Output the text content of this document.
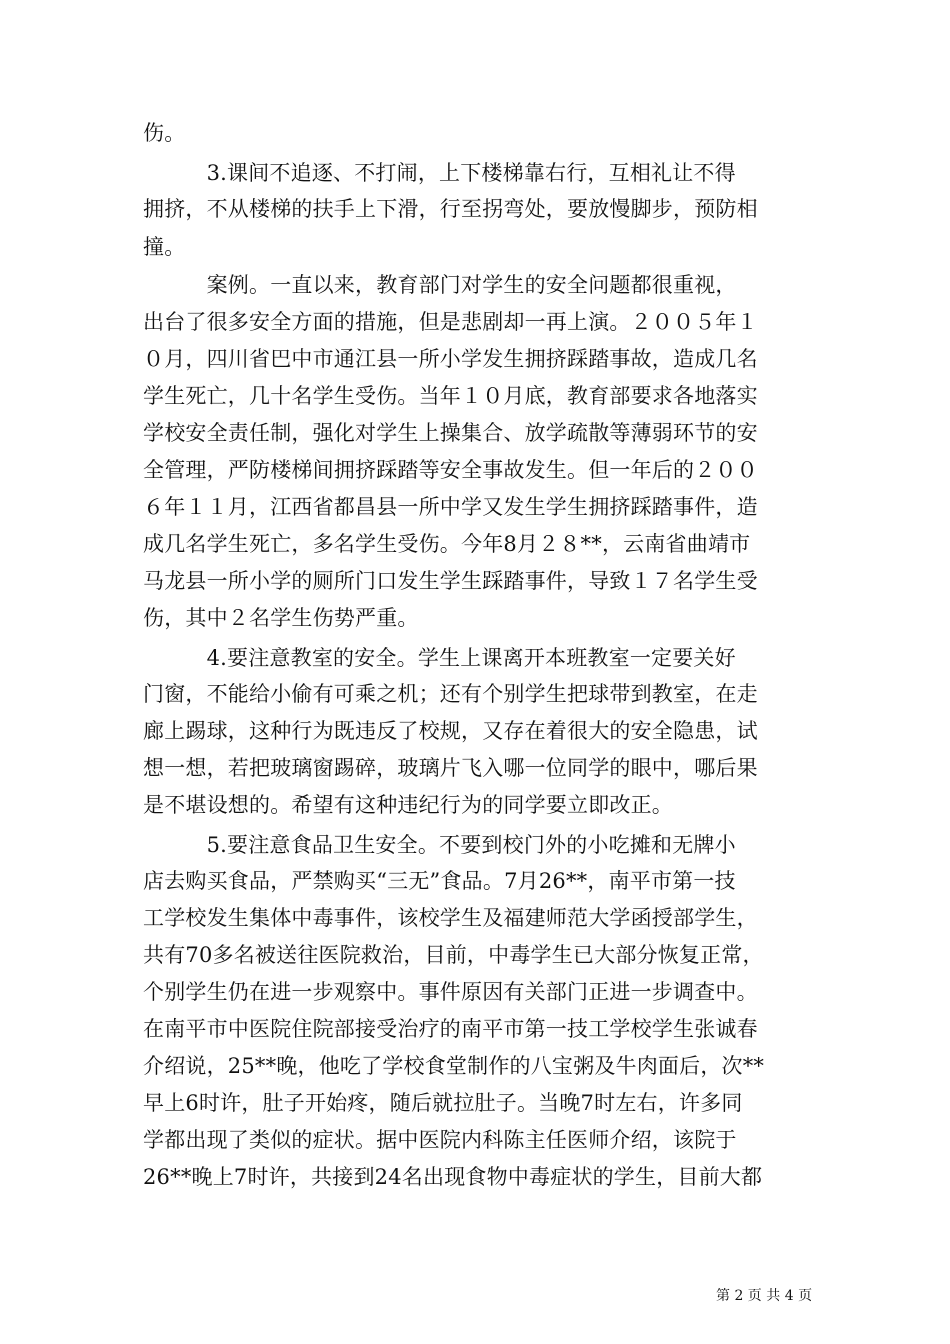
伤。
　　　3.课间不追逐、不打闹，上下楼梯靠右行，互相礼让不得
拥挤，不从楼梯的扶手上下滑，行至拐弯处，要放慢脚步，预防相
撞。
　　　案例。一直以来，教育部门对学生的安全问题都很重视，
出台了很多安全方面的措施，但是悲剧却一再上演。２００５年１
０月，四川省巴中市通江县一所小学发生拥挤踩踏事故，造成几名
学生死亡，几十名学生受伤。当年１０月底，教育部要求各地落实
学校安全责任制，强化对学生上操集合、放学疏散等薄弱环节的安
全管理，严防楼梯间拥挤踩踏等安全事故发生。但一年后的２００
６年１１月，江西省都昌县一所中学又发生学生拥挤踩踏事件，造
成几名学生死亡，多名学生受伤。今年8月２８**，云南省曲靖市
马龙县一所小学的厕所门口发生学生踩踏事件，导致１７名学生受
伤，其中２名学生伤势严重。
　　　4.要注意教室的安全。学生上课离开本班教室一定要关好
门窗，不能给小偷有可乘之机；还有个别学生把球带到教室，在走
廊上踢球，这种行为既违反了校规，又存在着很大的安全隐患，试
想一想，若把玻璃窗踢碎，玻璃片飞入哪一位同学的眼中，哪后果
是不堪设想的。希望有这种违纪行为的同学要立即改正。
　　　5.要注意食品卫生安全。不要到校门外的小吃摊和无牌小
店去购买食品，严禁购买“三无”食品。7月26**，南平市第一技
工学校发生集体中毒事件，该校学生及福建师范大学函授部学生，
共有70多名被送往医院救治，目前，中毒学生已大部分恢复正常，
个别学生仍在进一步观察中。事件原因有关部门正进一步调查中。
在南平市中医院住院部接受治疗的南平市第一技工学校学生张诚春
介绍说，25**晚，他吃了学校食堂制作的八宝粥及牛肉面后，次**
早上6时许，肚子开始疼，随后就拉肚子。当晚7时左右，许多同
学都出现了类似的症状。据中医院内科陈主任医师介绍，该院于
26**晚上7时许，共接到24名出现食物中毒症状的学生，目前大都
第 2 页 共 4 页
